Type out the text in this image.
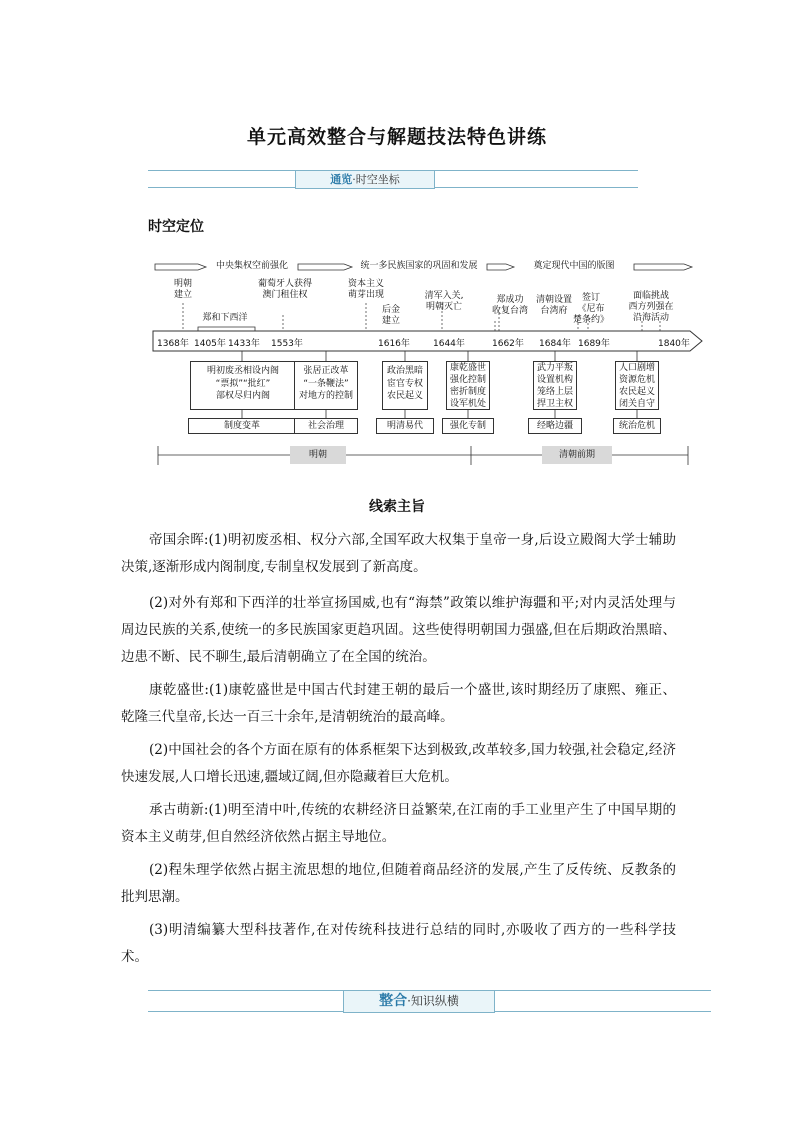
单元高效整合与解题技法特色讲练
通览·时空坐标
时空定位
中央集权空前强化	统一多民族国家的巩固和发展	奠定现代中国的版图
明朝
建立
郑和下西洋
葡萄牙人获得
澳门租住权
资本主义
萌芽出现
后金
建立
清军入关,
明朝灭亡
郑成功
收复台湾
清朝设置
台湾府
签订
《尼布
楚条约》
面临挑战
西方列强在
沿海活动
1368年 1405年 1433年 1553年	1616年	1644年	1662年 1684年 1689年	1840年
明初废丞相设内阁
“票拟”“批红”
部权尽归内阁
张居正改革
“一条鞭法”
对地方的控制
政治黑暗
宦官专权
农民起义
康乾盛世
强化控制
密折制度
设军机处
武力平叛
设置机构
笼络上层
捍卫主权
人口剧增
资源危机
农民起义
闭关自守
制度变革	社会治理	明清易代	强化专制	经略边疆	统治危机
明朝	清朝前期
线索主旨
帝国余晖:(1)明初废丞相、权分六部,全国军政大权集于皇帝一身,后设立殿阁大学士辅助决策,逐渐形成内阁制度,专制皇权发展到了新高度。
(2)对外有郑和下西洋的壮举宣扬国威,也有“海禁”政策以维护海疆和平;对内灵活处理与周边民族的关系,使统一的多民族国家更趋巩固。这些使得明朝国力强盛,但在后期政治黑暗、边患不断、民不聊生,最后清朝确立了在全国的统治。
康乾盛世:(1)康乾盛世是中国古代封建王朝的最后一个盛世,该时期经历了康熙、雍正、乾隆三代皇帝,长达一百三十余年,是清朝统治的最高峰。
(2)中国社会的各个方面在原有的体系框架下达到极致,改革较多,国力较强,社会稳定,经济快速发展,人口增长迅速,疆域辽阔,但亦隐藏着巨大危机。
承古萌新:(1)明至清中叶,传统的农耕经济日益繁荣,在江南的手工业里产生了中国早期的资本主义萌芽,但自然经济依然占据主导地位。
(2)程朱理学依然占据主流思想的地位,但随着商品经济的发展,产生了反传统、反教条的批判思潮。
(3)明清编纂大型科技著作,在对传统科技进行总结的同时,亦吸收了西方的一些科学技术。
整合·知识纵横
